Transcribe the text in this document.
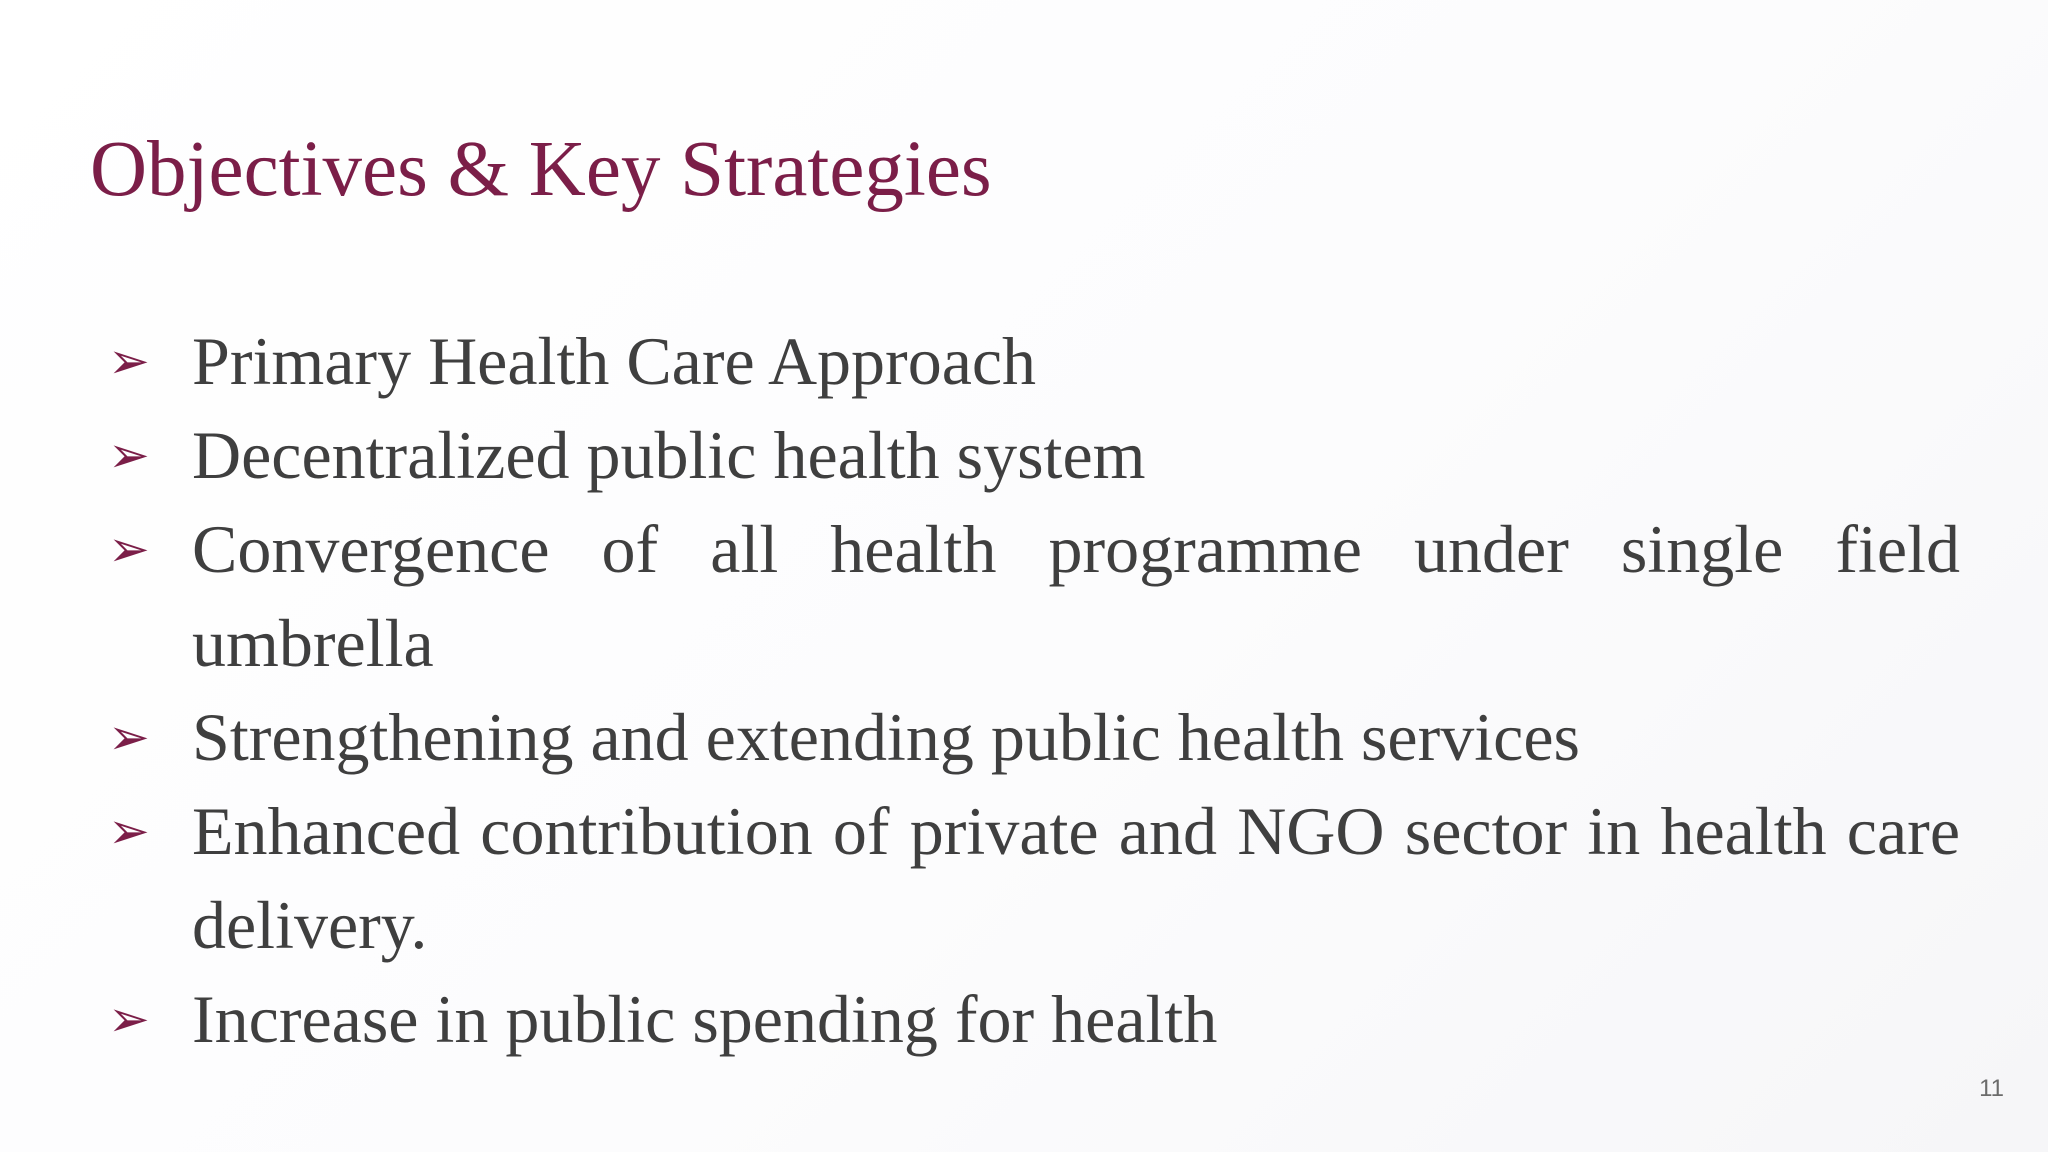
Objectives & Key Strategies
➢ Primary Health Care Approach
➢ Decentralized public health system
➢ Convergence of all health programme under single field umbrella
➢ Strengthening and extending public health services
➢ Enhanced contribution of private and NGO sector in health care delivery.
➢ Increase in public spending for health
11
